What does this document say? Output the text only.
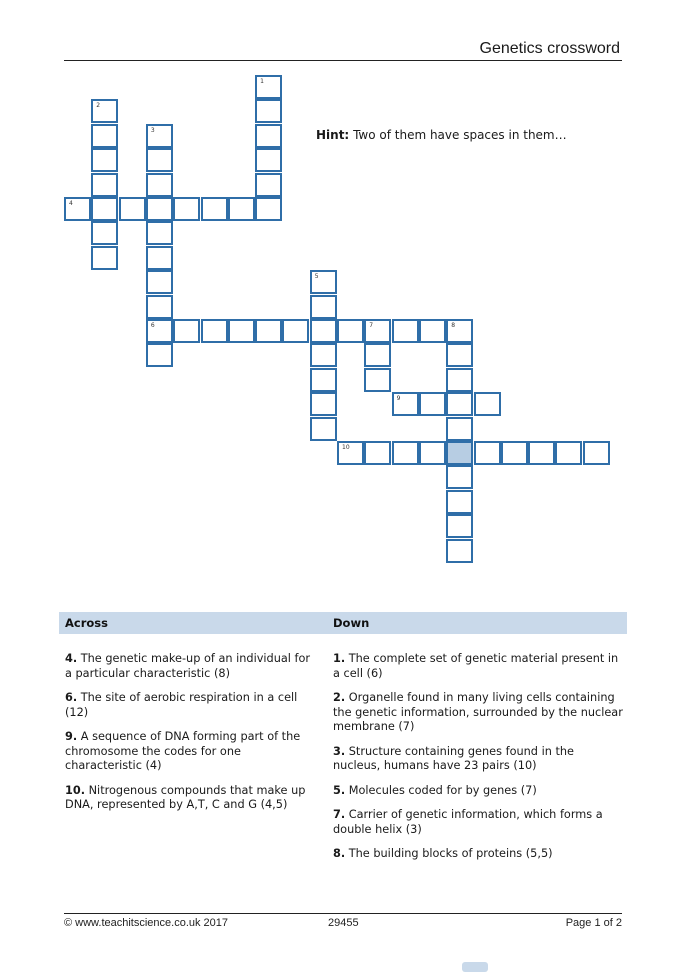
Genetics crossword
Hint: Two of them have spaces in them…
1
2
3
6
4
5
7	8
9
10
Across	Down
4. The genetic make-up of an individual for a particular characteristic (8)
6. The site of aerobic respiration in a cell (12)
9. A sequence of DNA forming part of the chromosome the codes for one characteristic (4)
10. Nitrogenous compounds that make up DNA, represented by A,T, C and G (4,5)
1. The complete set of genetic material present in a cell (6)
2. Organelle found in many living cells containing the genetic information, surrounded by the nuclear membrane (7)
3. Structure containing genes found in the nucleus, humans have 23 pairs (10)
5. Molecules coded for by genes (7)
7. Carrier of genetic information, which forms a double helix (3)
8. The building blocks of proteins (5,5)
© www.teachitscience.co.uk 2017	29455	Page 1 of 2
